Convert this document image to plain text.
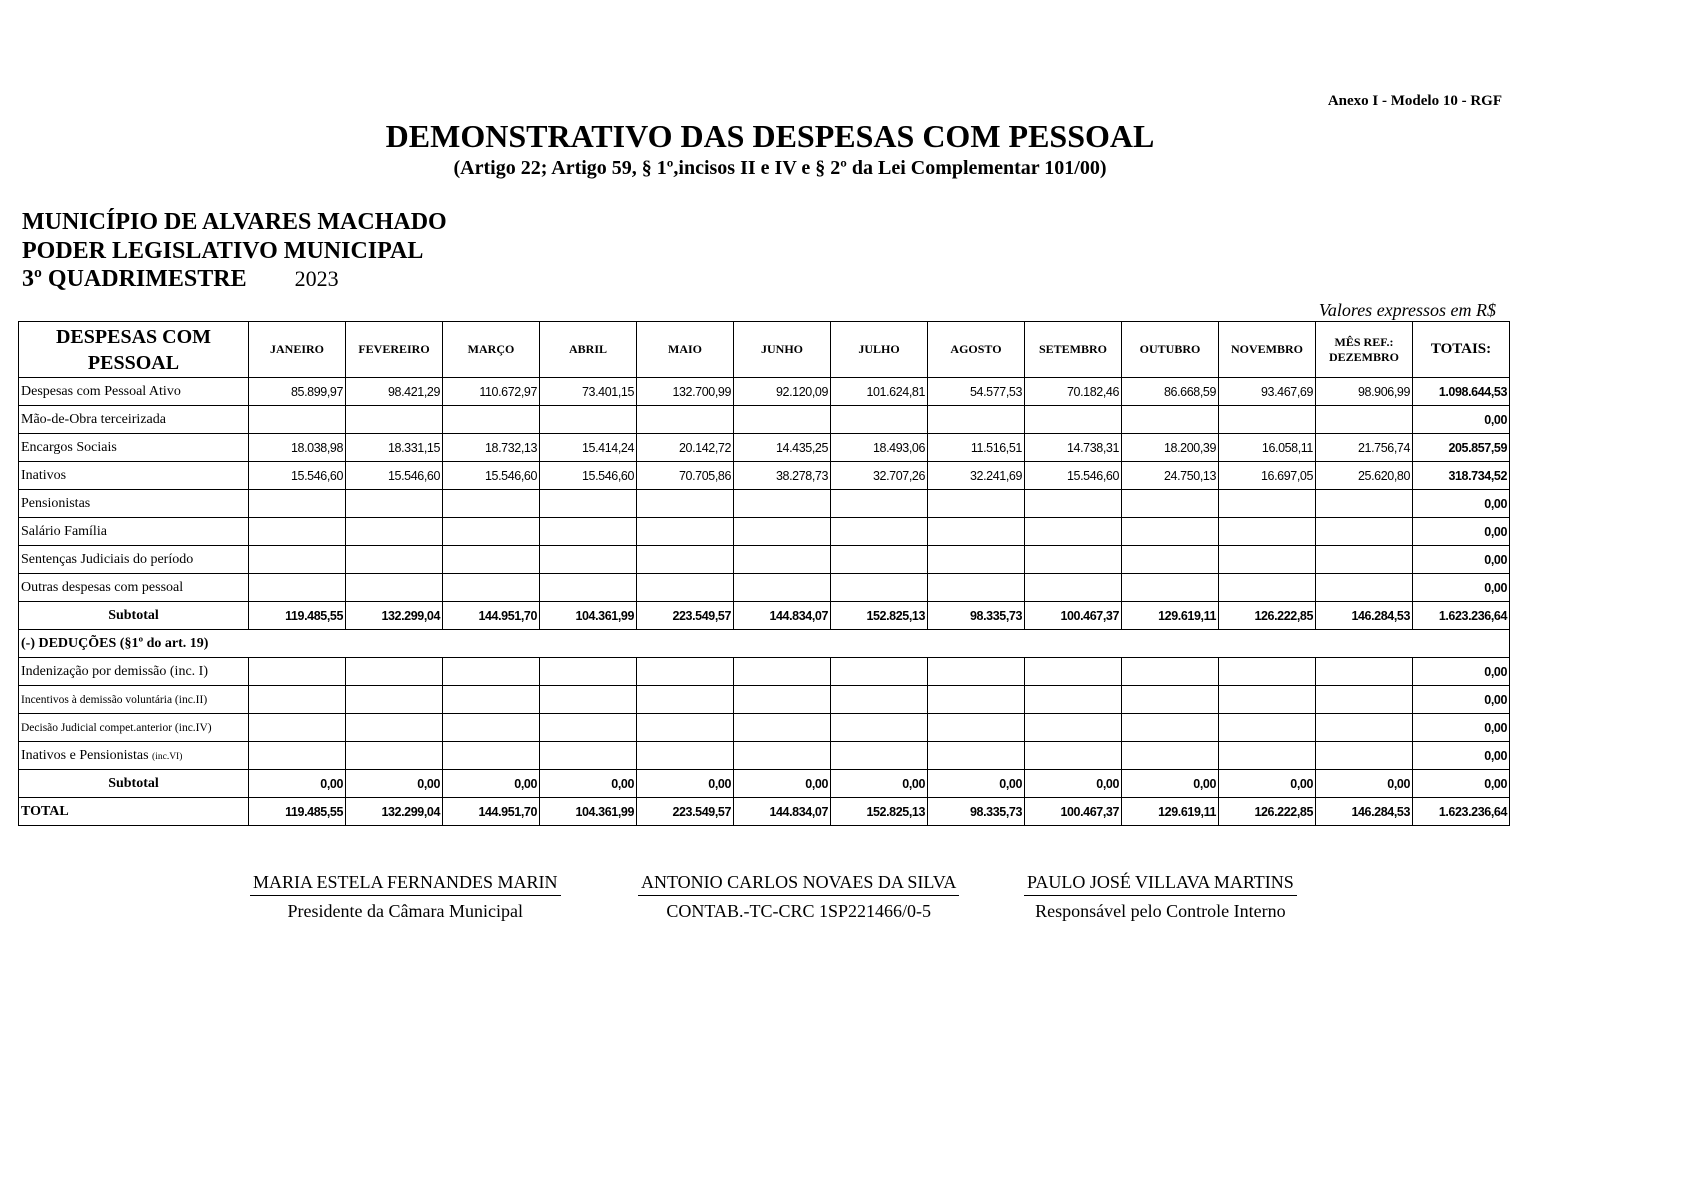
Anexo I - Modelo 10 - RGF
DEMONSTRATIVO DAS DESPESAS COM PESSOAL
(Artigo 22; Artigo 59, § 1º,incisos II e IV e § 2º da Lei Complementar 101/00)
MUNICÍPIO DE ALVARES MACHADO
PODER LEGISLATIVO MUNICIPAL
3º QUADRIMESTRE 2023
Valores expressos em R$
DESPESAS COM PESSOAL	JANEIRO	FEVEREIRO	MARÇO	ABRIL	MAIO	JUNHO	JULHO	AGOSTO	SETEMBRO	OUTUBRO	NOVEMBRO	MÊS REF.: DEZEMBRO	TOTAIS:
Despesas com Pessoal Ativo	85.899,97	98.421,29	110.672,97	73.401,15	132.700,99	92.120,09	101.624,81	54.577,53	70.182,46	86.668,59	93.467,69	98.906,99	1.098.644,53
Mão-de-Obra terceirizada													0,00
Encargos Sociais	18.038,98	18.331,15	18.732,13	15.414,24	20.142,72	14.435,25	18.493,06	11.516,51	14.738,31	18.200,39	16.058,11	21.756,74	205.857,59
Inativos	15.546,60	15.546,60	15.546,60	15.546,60	70.705,86	38.278,73	32.707,26	32.241,69	15.546,60	24.750,13	16.697,05	25.620,80	318.734,52
Pensionistas													0,00
Salário Família													0,00
Sentenças Judiciais do período													0,00
Outras despesas com pessoal													0,00
Subtotal	119.485,55	132.299,04	144.951,70	104.361,99	223.549,57	144.834,07	152.825,13	98.335,73	100.467,37	129.619,11	126.222,85	146.284,53	1.623.236,64
(-) DEDUÇÕES (§1º do art. 19)													
Indenização por demissão (inc. I)													0,00
Incentivos à demissão voluntária (inc.II)													0,00
Decisão Judicial compet.anterior (inc.IV)													0,00
Inativos e Pensionistas (inc.VI)													0,00
Subtotal	0,00	0,00	0,00	0,00	0,00	0,00	0,00	0,00	0,00	0,00	0,00	0,00	0,00
TOTAL	119.485,55	132.299,04	144.951,70	104.361,99	223.549,57	144.834,07	152.825,13	98.335,73	100.467,37	129.619,11	126.222,85	146.284,53	1.623.236,64
MARIA ESTELA FERNANDES MARIN
Presidente da Câmara Municipal
ANTONIO CARLOS NOVAES DA SILVA
CONTAB.-TC-CRC 1SP221466/0-5
PAULO JOSÉ VILLAVA MARTINS
Responsável pelo Controle Interno
